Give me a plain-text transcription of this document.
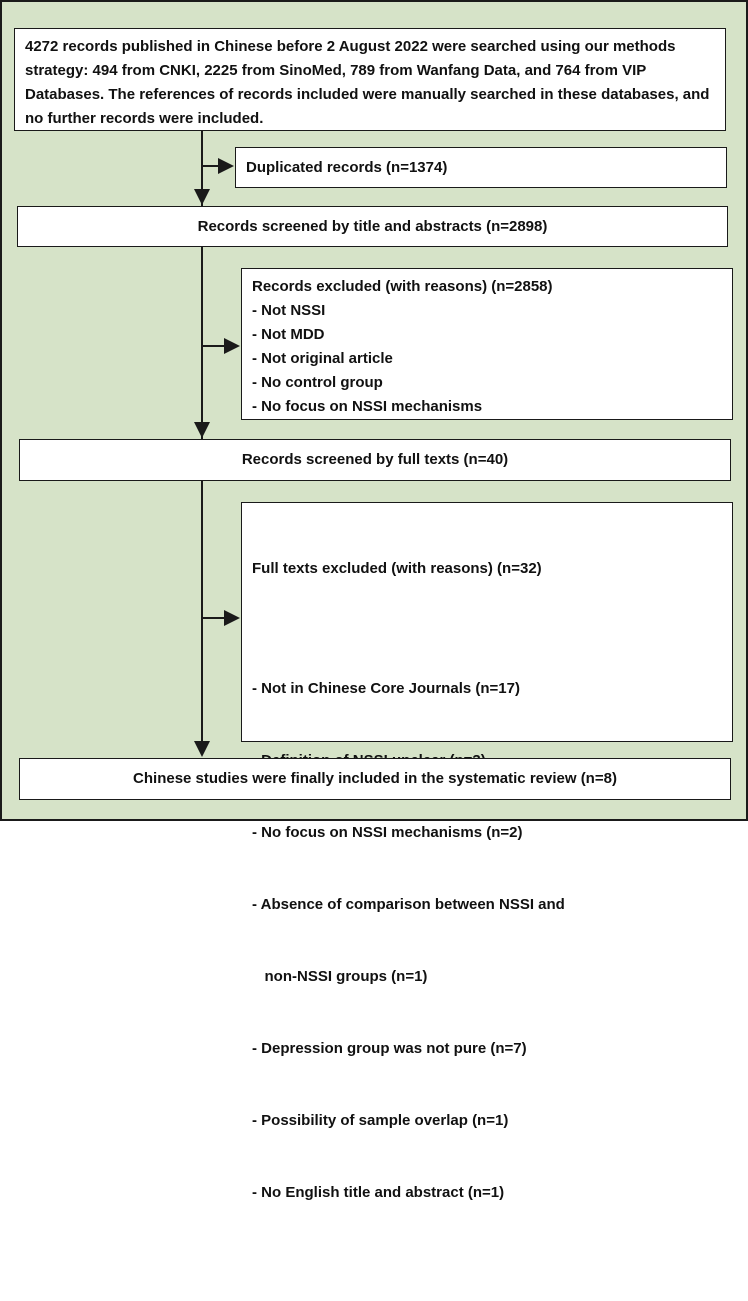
4272 records published in Chinese before 2 August 2022 were searched using our methods strategy: 494 from CNKI, 2225 from SinoMed, 789 from Wanfang Data, and 764 from VIP Databases. The references of records included were manually searched in these databases, and no further records were included.
Duplicated records (n=1374)
Records screened by title and abstracts (n=2898)
Records excluded (with reasons) (n=2858)
- Not NSSI
- Not MDD
- Not original article
- No control group
- No focus on NSSI mechanisms
Records screened by full texts (n=40)

Full texts excluded (with reasons) (n=32)

- Not in Chinese Core Journals (n=17)

- No focus on NSSI mechanisms (n=2)

- Absence of comparison between NSSI and

non-NSSI groups (n=1)

- Depression group was not pure (n=7)

- Possibility of sample overlap (n=1)

- No English title and abstract (n=1)

Chinese studies were finally included in the systematic review (n=8)
